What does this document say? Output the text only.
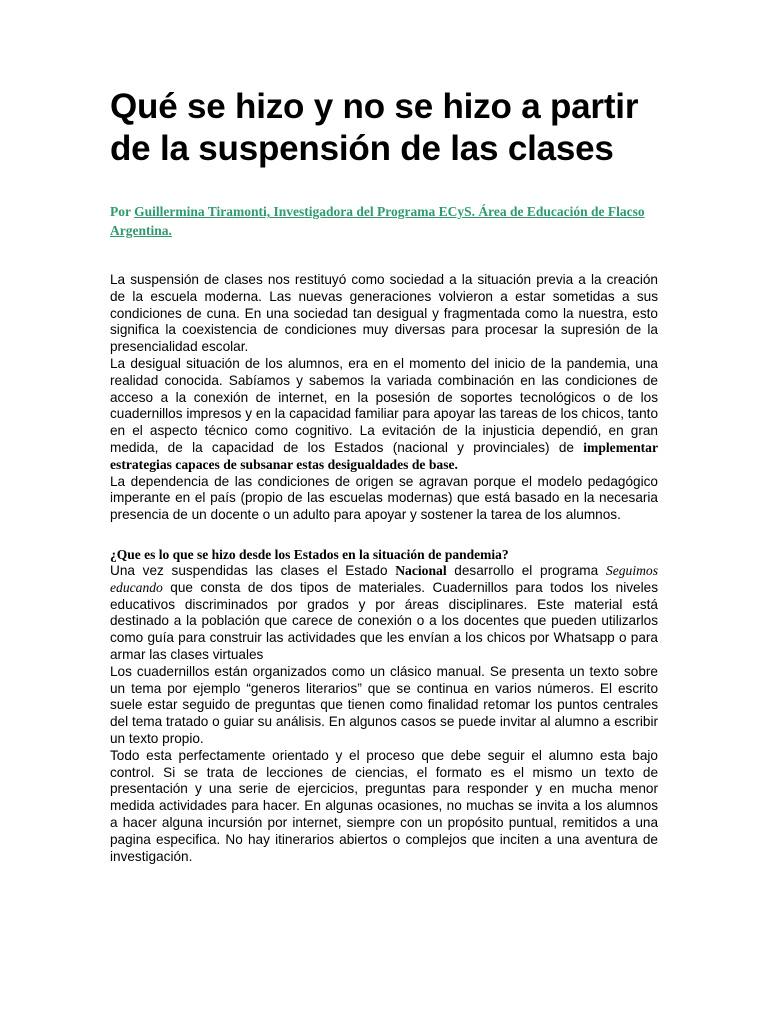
Qué se hizo y no se hizo a partir de la suspensión de las clases
Por Guillermina Tiramonti, Investigadora del Programa ECyS. Área de Educación de Flacso Argentina.

La suspensión de clases nos restituyó como sociedad a la situación previa a la creación de la escuela moderna. Las nuevas generaciones volvieron a estar sometidas a sus condiciones de cuna. En una sociedad tan desigual y fragmentada como la nuestra, esto significa la coexistencia de condiciones muy diversas para procesar la supresión de la presencialidad escolar.

La desigual situación de los alumnos, era en el momento del inicio de la pandemia, una realidad conocida. Sabíamos y sabemos la variada combinación en las condiciones de acceso a la conexión de internet, en la posesión de soportes tecnológicos o de los cuadernillos impresos y en la capacidad familiar para apoyar las tareas de los chicos, tanto en el aspecto técnico como cognitivo. La evitación de la injusticia dependió, en gran medida, de la capacidad de los Estados (nacional y provinciales) de implementar estrategias capaces de subsanar estas desigualdades de base.

La dependencia de las condiciones de origen se agravan porque el modelo pedagógico imperante en el país (propio de las escuelas modernas) que está basado en la necesaria presencia de un docente o un adulto para apoyar y sostener la tarea de los alumnos.

¿Que es lo que se hizo desde los Estados en la situación de pandemia?

Una vez suspendidas las clases el Estado Nacional desarrollo el programa Seguimos educando que consta de dos tipos de materiales. Cuadernillos para todos los niveles educativos discriminados por grados y por áreas disciplinares. Este material está destinado a la población que carece de conexión o a los docentes que pueden utilizarlos como guía para construir las actividades que les envían a los chicos por Whatsapp o para armar las clases virtuales

Los cuadernillos están organizados como un clásico manual. Se presenta un texto sobre un tema por ejemplo “generos literarios” que se continua en varios números. El escrito suele estar seguido de preguntas que tienen como finalidad retomar los puntos centrales del tema tratado o guiar su análisis. En algunos casos se puede invitar al alumno a escribir un texto propio.

Todo esta perfectamente orientado y el proceso que debe seguir el alumno esta bajo control. Si se trata de lecciones de ciencias, el formato es el mismo un texto de presentación y una serie de ejercicios, preguntas para responder y en mucha menor medida actividades para hacer. En algunas ocasiones, no muchas se invita a los alumnos a hacer alguna incursión por internet, siempre con un propósito puntual, remitidos a una pagina especifica. No hay itinerarios abiertos o complejos que inciten a una aventura de investigación.
